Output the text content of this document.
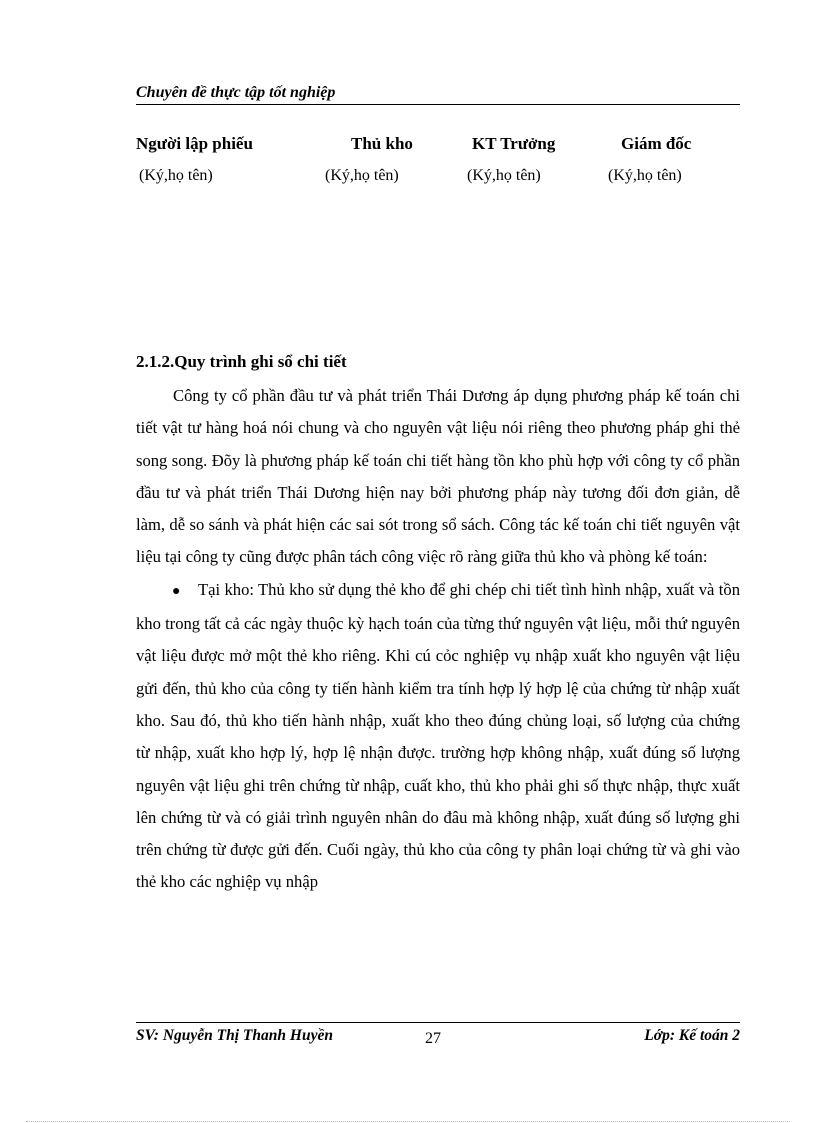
Chuyên đề thực tập tốt nghiệp
Người lập phiếu	Thủ kho	KT Trưởng	Giám đốc
(Ký,họ tên)	(Ký,họ tên)	(Ký,họ tên)	(Ký,họ tên)
2.1.2.Quy trình ghi sổ chi tiết

Công ty cổ phần đầu tư và phát triển Thái Dương áp dụng phương pháp kế toán chi tiết vật tư hàng hoá nói chung và cho nguyên vật liệu nói riêng theo phương pháp ghi thẻ song song. Đõy là phương pháp kế toán chi tiết hàng tồn kho phù hợp với công ty cổ phần đầu tư và phát triển Thái Dương hiện nay bởi phương pháp này tương đối đơn giản, dễ làm, dễ so sánh và phát hiện các sai sót trong sổ sách. Công tác kế toán chi tiết nguyên vật liệu tại công ty cũng được phân tách công việc rõ ràng giữa thủ kho và phòng kế toán:

● Tại kho: Thủ kho sử dụng thẻ kho để ghi chép chi tiết tình hình nhập, xuất và tồn kho trong tất cả các ngày thuộc kỳ hạch toán của từng thứ nguyên vật liệu, mỗi thứ nguyên vật liệu được mở một thẻ kho riêng. Khi cú cỏc nghiệp vụ nhập xuất kho nguyên vật liệu gửi đến, thủ kho của công ty tiến hành kiểm tra tính hợp lý hợp lệ của chứng từ nhập xuất kho. Sau đó, thủ kho tiến hành nhập, xuất kho theo đúng chủng loại, số lượng của chứng từ nhập, xuất kho hợp lý, hợp lệ nhận được. trường hợp không nhập, xuất đúng số lượng nguyên vật liệu ghi trên chứng từ nhập, cuất kho, thủ kho phải ghi số thực nhập, thực xuất lên chứng từ và có giải trình nguyên nhân do đâu mà không nhập, xuất đúng số lượng ghi trên chứng từ được gửi đến. Cuối ngày, thủ kho của công ty phân loại chứng từ và ghi vào thẻ kho các nghiệp vụ nhập

SV: Nguyễn Thị Thanh Huyền	27	Lớp: Kế toán 2
